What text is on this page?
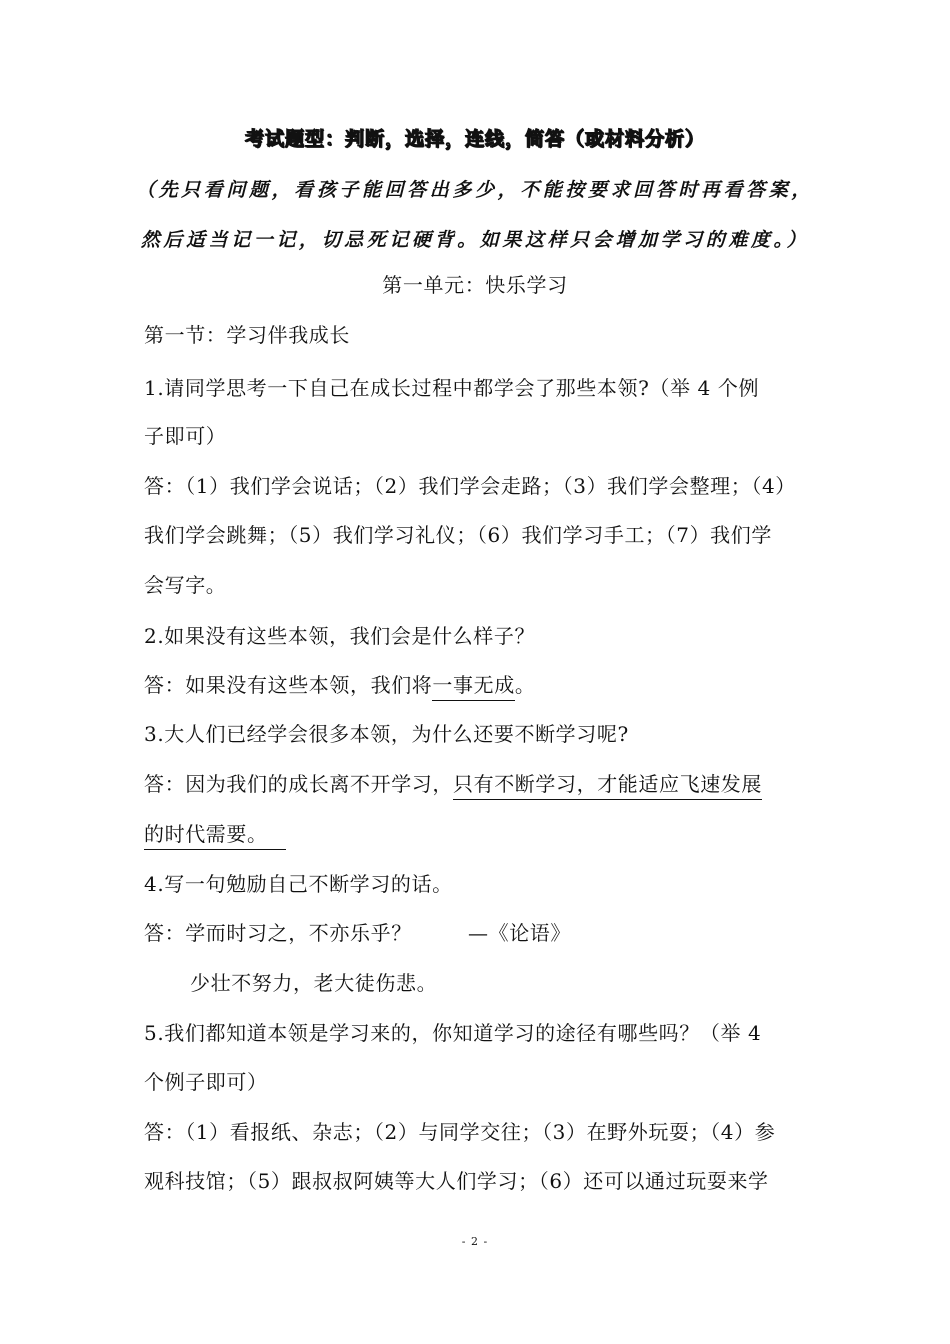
考试题型：判断，选择，连线，简答（或材料分析）
（先只看问题，看孩子能回答出多少，不能按要求回答时再看答案，
然后适当记一记，切忌死记硬背。如果这样只会增加学习的难度。）
第一单元：快乐学习
第一节：学习伴我成长
1.请同学思考一下自己在成长过程中都学会了那些本领?（举 4 个例
子即可）
答：（1）我们学会说话；（2）我们学会走路；（3）我们学会整理；（4）
我们学会跳舞；（5）我们学习礼仪；（6）我们学习手工；（7）我们学
会写字。
2.如果没有这些本领，我们会是什么样子？
答：如果没有这些本领，我们将一事无成。
3.大人们已经学会很多本领，为什么还要不断学习呢?
答：因为我们的成长离不开学习，只有不断学习，才能适应飞速发展
的时代需要。
4.写一句勉励自己不断学习的话。
答：学而时习之，不亦乐乎？	—《论语》
少壮不努力，老大徒伤悲。
5.我们都知道本领是学习来的，你知道学习的途径有哪些吗？（举 4
个例子即可）
答：（1）看报纸、杂志；（2）与同学交往；（3）在野外玩耍；（4）参
观科技馆；（5）跟叔叔阿姨等大人们学习；（6）还可以通过玩耍来学
- 2 -
